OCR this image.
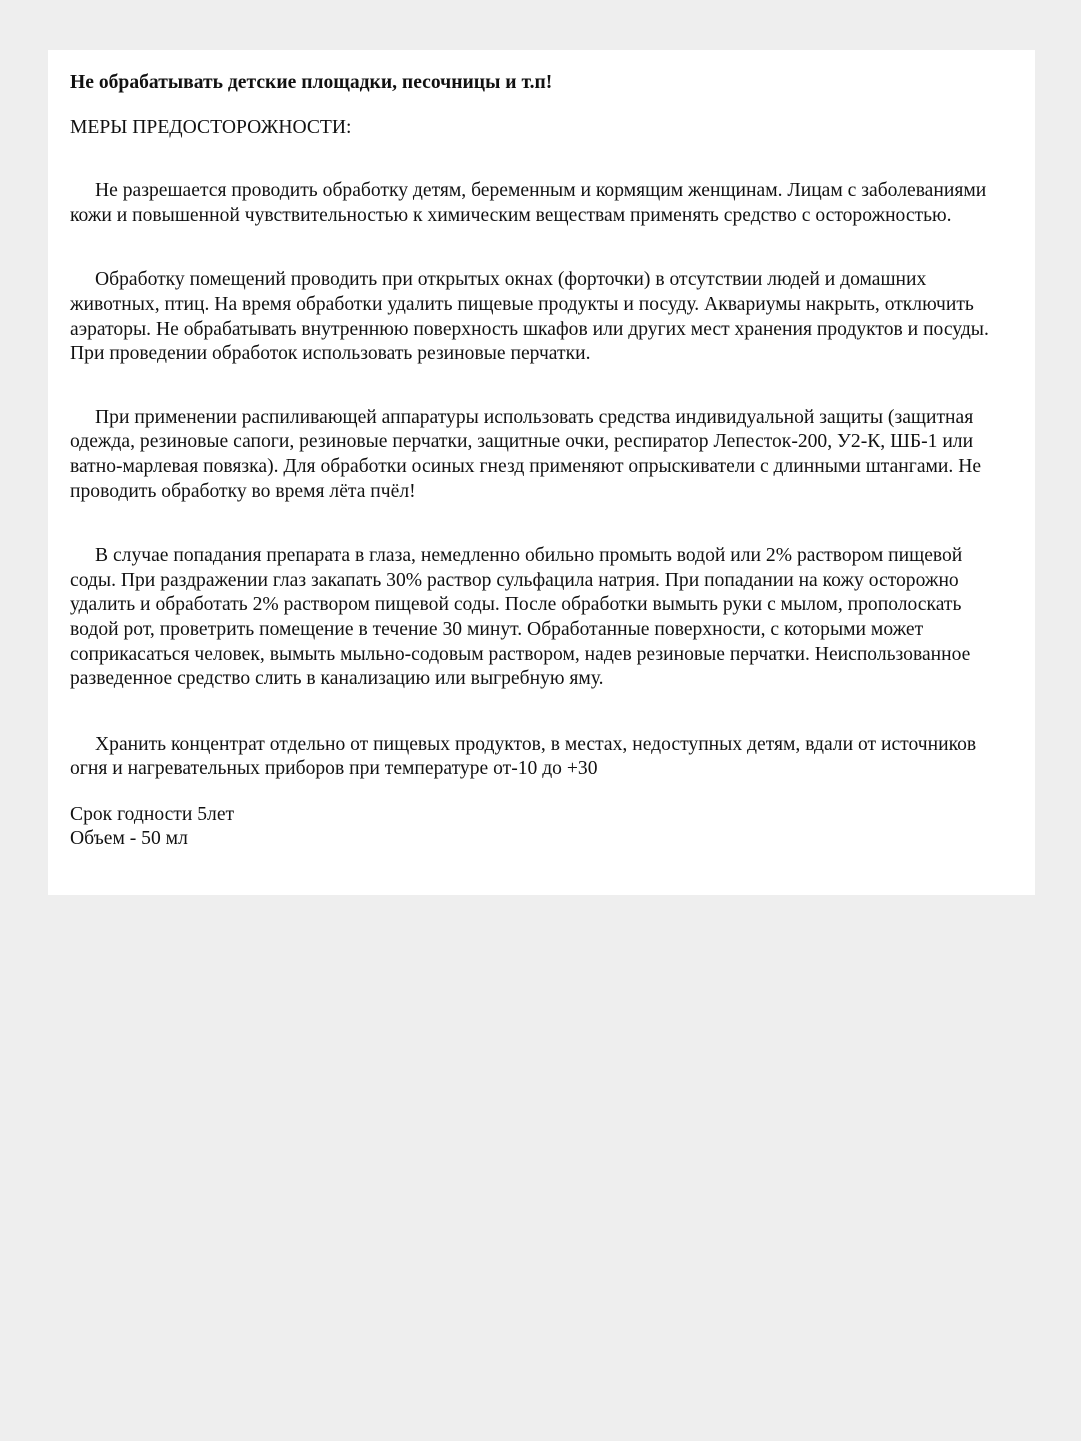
Не обрабатывать детские площадки, песочницы и т.п!

МЕРЫ ПРЕДОСТОРОЖНОСТИ:

Не разрешается проводить обработку детям, беременным и кормящим женщинам. Лицам с заболеваниями кожи и повышенной чувствительностью к химическим веществам применять средство с осторожностью.

Обработку помещений проводить при открытых окнах (форточки) в отсутствии людей и домашних животных, птиц. На время обработки удалить пищевые продукты и посуду. Аквариумы накрыть, отключить аэраторы. Не обрабатывать внутреннюю поверхность шкафов или других мест хранения продуктов и посуды. При проведении обработок использовать резиновые перчатки.

При применении распиливающей аппаратуры использовать средства индивидуальной защиты (защитная одежда, резиновые сапоги, резиновые перчатки, защитные очки, респиратор Лепесток-200, У2-К, ШБ-1 или ватно-марлевая повязка). Для обработки осиных гнезд применяют опрыскиватели с длинными штангами. Не проводить обработку во время лёта пчёл!

В случае попадания препарата в глаза, немедленно обильно промыть водой или 2% раствором пищевой соды. При раздражении глаз закапать 30% раствор сульфацила натрия. При попадании на кожу осторожно удалить и обработать 2% раствором пищевой соды. После обработки вымыть руки с мылом, прополоскать водой рот, проветрить помещение в течение 30 минут. Обработанные поверхности, с которыми может соприкасаться человек, вымыть мыльно-содовым раствором, надев резиновые перчатки. Неиспользованное разведенное средство слить в канализацию или выгребную яму.

Хранить концентрат отдельно от пищевых продуктов, в местах, недоступных детям, вдали от источников огня и нагревательных приборов при температуре от-10 до +30

Срок годности 5лет
Объем - 50 мл
